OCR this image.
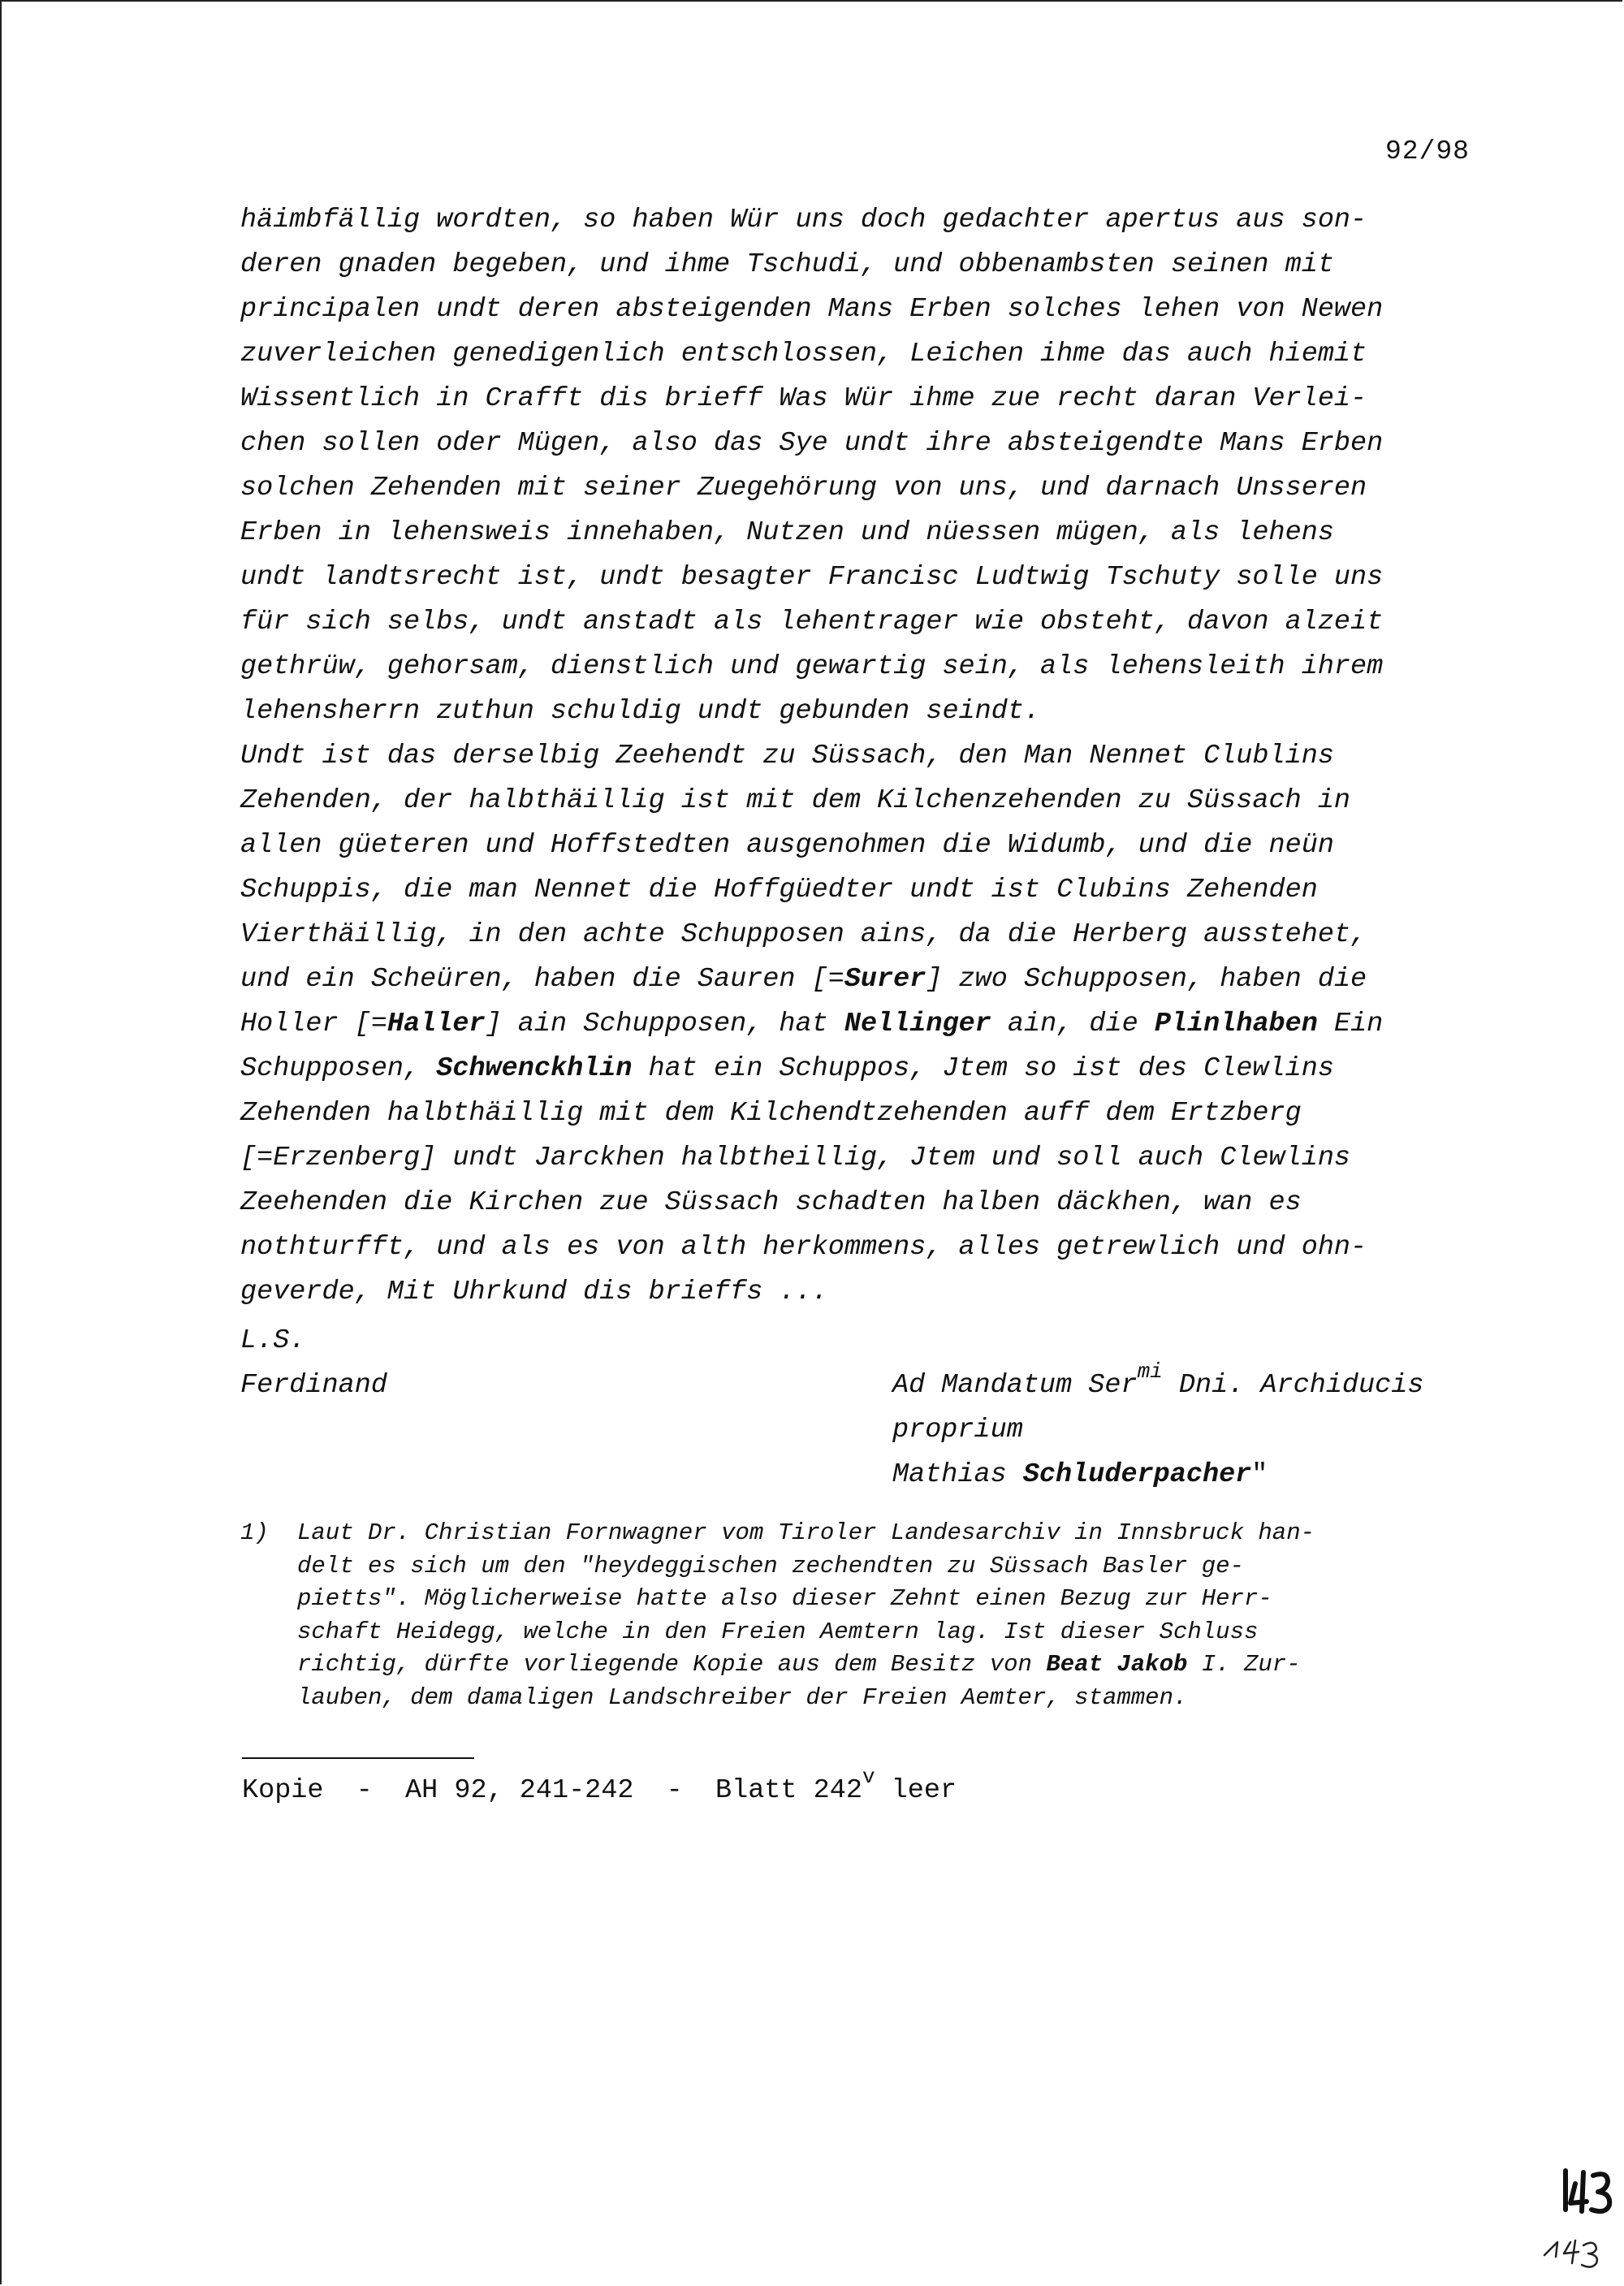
92/98
häimbfällig wordten, so haben Wür uns doch gedachter apertus aus son-
deren gnaden begeben, und ihme Tschudi, und obbenambsten seinen mit
principalen undt deren absteigenden Mans Erben solches lehen von Newen
zuverleichen genedigenlich entschlossen, Leichen ihme das auch hiemit
Wissentlich in Crafft dis brieff Was Wür ihme zue recht daran Verlei-
chen sollen oder Mügen, also das Sye undt ihre absteigendte Mans Erben
solchen Zehenden mit seiner Zuegehörung von uns, und darnach Unsseren
Erben in lehensweis innehaben, Nutzen und nüessen mügen, als lehens
undt landtsrecht ist, undt besagter Francisc Ludtwig Tschuty solle uns
für sich selbs, undt anstadt als lehentrager wie obsteht, davon alzeit
gethrüw, gehorsam, dienstlich und gewartig sein, als lehensleith ihrem
lehensherrn zuthun schuldig undt gebunden seindt.
Undt ist das derselbig Zeehendt zu Süssach, den Man Nennet Clublins
Zehenden, der halbthäillig ist mit dem Kilchenzehenden zu Süssach in
allen güeteren und Hoffstedten ausgenohmen die Widumb, und die neün
Schuppis, die man Nennet die Hoffgüedter undt ist Clubins Zehenden
Vierthäillig, in den achte Schupposen ains, da die Herberg ausstehet,
und ein Scheüren, haben die Sauren [=Surer] zwo Schupposen, haben die
Holler [=Haller] ain Schupposen, hat Nellinger ain, die Plinlhaben Ein
Schupposen, Schwenckhlin hat ein Schuppos, Jtem so ist des Clewlins
Zehenden halbthäillig mit dem Kilchendtzehenden auff dem Ertzberg
[=Erzenberg] undt Jarckhen halbtheillig, Jtem und soll auch Clewlins
Zeehenden die Kirchen zue Süssach schadten halben däckhen, wan es
nothturfft, und als es von alth herkommens, alles getrewlich und ohn-
geverde, Mit Uhrkund dis brieffs ...
L.S.
Ferdinand	Ad Mandatum Ser$^{mi}$ Dni. Archiducis
proprium
Mathias Schluderpacher"
1) Laut Dr. Christian Fornwagner vom Tiroler Landesarchiv in Innsbruck han-
delt es sich um den "heydeggischen zechendten zu Süssach Basler ge-
pietts". Möglicherweise hatte also dieser Zehnt einen Bezug zur Herr-
schaft Heidegg, welche in den Freien Aemtern lag. Ist dieser Schluss
richtig, dürfte vorliegende Kopie aus dem Besitz von Beat Jakob I. Zur-
lauben, dem damaligen Landschreiber der Freien Aemter, stammen.
Kopie  -  AH 92, 241-242  -  Blatt 242$^v$ leer
